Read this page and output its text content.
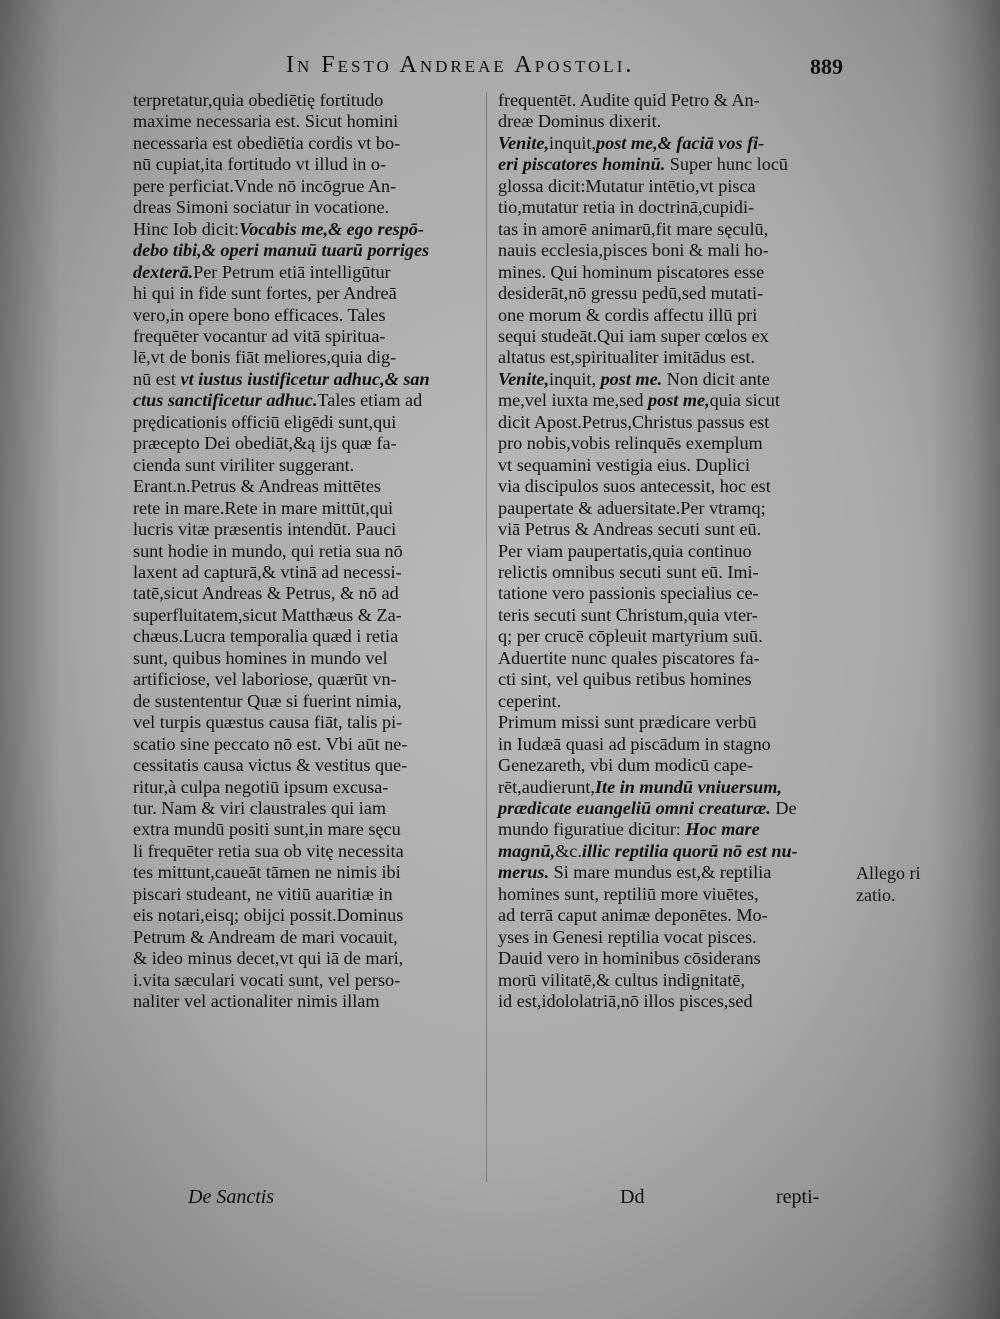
In Festo Andreae Apostoli.	889

terpretatur,quia obediētię fortitudo

maxime necessaria est. Sicut homini

necessaria est obediētia cordis vt bo-

nū cupiat,ita fortitudo vt illud in o-

pere perficiat.Vnde nō incōgrue An-

dreas Simoni sociatur in vocatione.

Hinc Iob dicit:Vocabis me,& ego respō-

debo tibi,& operi manuū tuarū porriges

dexterā.Per Petrum etiā intelligūtur

hi qui in fide sunt fortes, per Andreā

vero,in opere bono efficaces. Tales

frequēter vocantur ad vitā spiritua-

lē,vt de bonis fiāt meliores,quia dig-

nū est vt iustus iustificetur adhuc,& san

ctus sanctificetur adhuc.Tales etiam ad

prędicationis officiū eligēdi sunt,qui

præcepto Dei obediāt,&ą ijs quæ fa-

cienda sunt viriliter suggerant.

Erant.n.Petrus & Andreas mittētes

rete in mare.Rete in mare mittūt,qui

lucris vitæ præsentis intendūt. Pauci

sunt hodie in mundo, qui retia sua nō

laxent ad capturā,& vtinā ad necessi-

tatē,sicut Andreas & Petrus, & nō ad

superfluitatem,sicut Matthæus & Za-

chæus.Lucra temporalia quæd i retia

sunt, quibus homines in mundo vel

artificiose, vel laboriose, quærūt vn-

de sustententur Quæ si fuerint nimia,

vel turpis quæstus causa fiāt, talis pi-

scatio sine peccato nō est. Vbi aūt ne-

cessitatis causa victus & vestitus que-

ritur,à culpa negotiū ipsum excusa-

tur. Nam & viri claustrales qui iam

extra mundū positi sunt,in mare sęcu

li frequēter retia sua ob vitę necessita

tes mittunt,caueāt tāmen ne nimis ibi

piscari studeant, ne vitiū auaritiæ in

eis notari,eisq; obijci possit.Dominus

Petrum & Andream de mari vocauit,

& ideo minus decet,vt qui iā de mari,

i.vita sæculari vocati sunt, vel perso-

naliter vel actionaliter nimis illam

frequentēt. Audite quid Petro & An-

dreæ Dominus dixerit.

Venite,inquit,post me,& faciā vos fi-

eri piscatores hominū. Super hunc locū

glossa dicit:Mutatur intētio,vt pisca

tio,mutatur retia in doctrinā,cupidi-

tas in amorē animarū,fit mare sęculū,

nauis ecclesia,pisces boni & mali ho-

mines. Qui hominum piscatores esse

desiderāt,nō gressu pedū,sed mutati-

one morum & cordis affectu illū pri

sequi studeāt.Qui iam super cœlos ex

altatus est,spiritualiter imitādus est.

Venite,inquit, post me. Non dicit ante

me,vel iuxta me,sed post me,quia sicut

dicit Apost.Petrus,Christus passus est

pro nobis,vobis relinquēs exemplum

vt sequamini vestigia eius. Duplici

via discipulos suos antecessit, hoc est

paupertate & aduersitate.Per vtramq;

viā Petrus & Andreas secuti sunt eū.

Per viam paupertatis,quia continuo

relictis omnibus secuti sunt eū. Imi-

tatione vero passionis specialius ce-

teris secuti sunt Christum,quia vter-

q; per crucē cōpleuit martyrium suū.

Aduertite nunc quales piscatores fa-

cti sint, vel quibus retibus homines

ceperint.

Primum missi sunt prædicare verbū

in Iudæā quasi ad piscādum in stagno

Genezareth, vbi dum modicū cape-

rēt,audierunt,Ite in mundū vniuersum,

prædicate euangeliū omni creaturæ. De

mundo figuratiue dicitur: Hoc mare

magnū,&c.illic reptilia quorū nō est nu-

merus. Si mare mundus est,& reptilia

homines sunt, reptiliū more viuētes,

ad terrā caput animæ deponētes. Mo-

yses in Genesi reptilia vocat pisces.

Dauid vero in hominibus cōsiderans

morū vilitatē,& cultus indignitatē,

id est,idololatriā,nō illos pisces,sed

Allego ri
zatio.
De Sanctis	Dd	repti-
